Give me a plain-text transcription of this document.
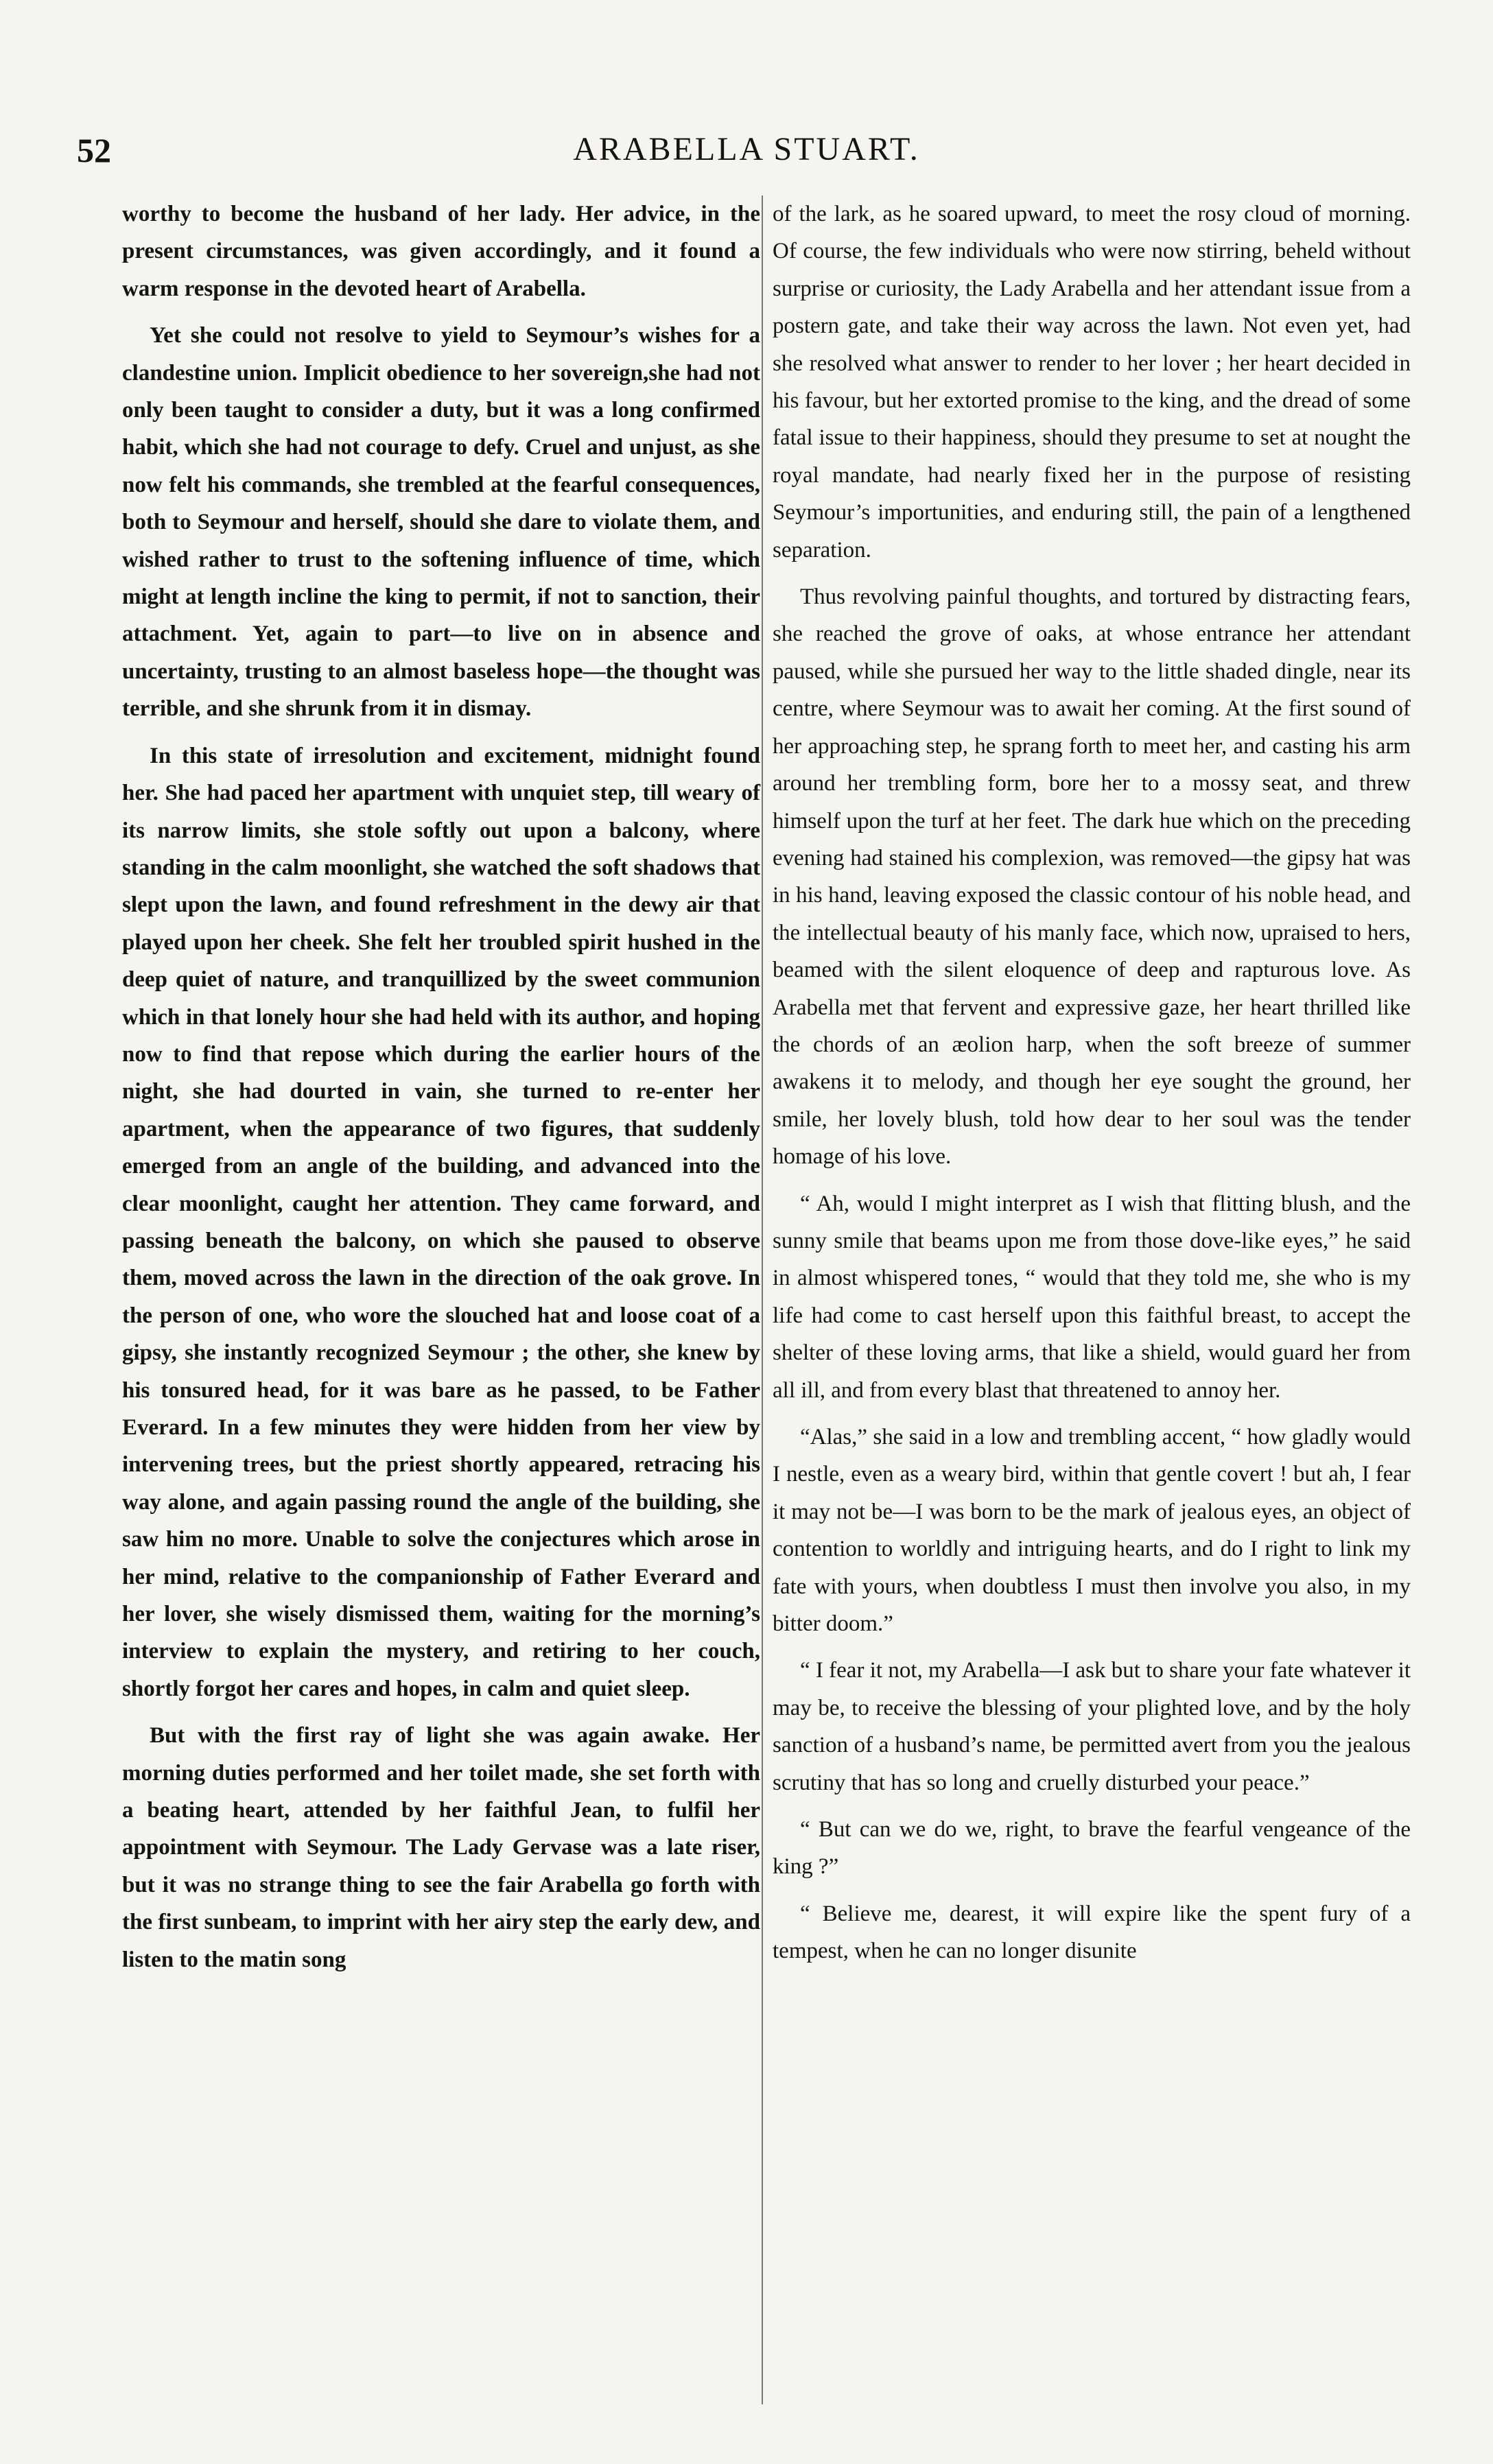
52	ARABELLA STUART.

worthy to become the husband of her lady. Her advice, in the present circumstances, was given accordingly, and it found a warm response in the devoted heart of Arabella.

Yet she could not resolve to yield to Seymour’s wishes for a clandestine union. Implicit obedience to her sovereign,she had not only been taught to consider a duty, but it was a long confirmed habit, which she had not courage to defy. Cruel and unjust, as she now felt his commands, she trembled at the fearful consequences, both to Seymour and herself, should she dare to violate them, and wished rather to trust to the softening influence of time, which might at length incline the king to permit, if not to sanction, their attachment. Yet, again to part—to live on in absence and uncertainty, trusting to an almost baseless hope—the thought was terrible, and she shrunk from it in dismay.

In this state of irresolution and excitement, midnight found her. She had paced her apartment with unquiet step, till weary of its narrow limits, she stole softly out upon a balcony, where standing in the calm moonlight, she watched the soft shadows that slept upon the lawn, and found refreshment in the dewy air that played upon her cheek. She felt her troubled spirit hushed in the deep quiet of nature, and tranquillized by the sweet communion which in that lonely hour she had held with its author, and hoping now to find that repose which during the earlier hours of the night, she had dourted in vain, she turned to re-enter her apartment, when the appearance of two figures, that suddenly emerged from an angle of the building, and advanced into the clear moonlight, caught her attention. They came forward, and passing beneath the balcony, on which she paused to observe them, moved across the lawn in the direction of the oak grove. In the person of one, who wore the slouched hat and loose coat of a gipsy, she instantly recognized Seymour ; the other, she knew by his tonsured head, for it was bare as he passed, to be Father Everard. In a few minutes they were hidden from her view by intervening trees, but the priest shortly appeared, retracing his way alone, and again passing round the angle of the building, she saw him no more. Unable to solve the conjectures which arose in her mind, relative to the companionship of Father Everard and her lover, she wisely dismissed them, waiting for the morning’s interview to explain the mystery, and retiring to her couch, shortly forgot her cares and hopes, in calm and quiet sleep.

But with the first ray of light she was again awake. Her morning duties performed and her toilet made, she set forth with a beating heart, attended by her faithful Jean, to fulfil her appointment with Seymour. The Lady Gervase was a late riser, but it was no strange thing to see the fair Arabella go forth with the first sunbeam, to imprint with her airy step the early dew, and listen to the matin song

of the lark, as he soared upward, to meet the rosy cloud of morning. Of course, the few individuals who were now stirring, beheld without surprise or curiosity, the Lady Arabella and her attendant issue from a postern gate, and take their way across the lawn. Not even yet, had she resolved what answer to render to her lover ; her heart decided in his favour, but her extorted promise to the king, and the dread of some fatal issue to their happiness, should they presume to set at nought the royal mandate, had nearly fixed her in the purpose of resisting Seymour’s importunities, and enduring still, the pain of a lengthened separation.

Thus revolving painful thoughts, and tortured by distracting fears, she reached the grove of oaks, at whose entrance her attendant paused, while she pursued her way to the little shaded dingle, near its centre, where Seymour was to await her coming. At the first sound of her approaching step, he sprang forth to meet her, and casting his arm around her trembling form, bore her to a mossy seat, and threw himself upon the turf at her feet. The dark hue which on the preceding evening had stained his complexion, was removed—the gipsy hat was in his hand, leaving exposed the classic contour of his noble head, and the intellectual beauty of his manly face, which now, upraised to hers, beamed with the silent eloquence of deep and rapturous love. As Arabella met that fervent and expressive gaze, her heart thrilled like the chords of an æolion harp, when the soft breeze of summer awakens it to melody, and though her eye sought the ground, her smile, her lovely blush, told how dear to her soul was the tender homage of his love.

“ Ah, would I might interpret as I wish that flitting blush, and the sunny smile that beams upon me from those dove-like eyes,” he said in almost whispered tones, “ would that they told me, she who is my life had come to cast herself upon this faithful breast, to accept the shelter of these loving arms, that like a shield, would guard her from all ill, and from every blast that threatened to annoy her.

“Alas,” she said in a low and trembling accent, “ how gladly would I nestle, even as a weary bird, within that gentle covert ! but ah, I fear it may not be—I was born to be the mark of jealous eyes, an object of contention to worldly and intriguing hearts, and do I right to link my fate with yours, when doubtless I must then involve you also, in my bitter doom.”

“ I fear it not, my Arabella—I ask but to share your fate whatever it may be, to receive the blessing of your plighted love, and by the holy sanction of a husband’s name, be permitted avert from you the jealous scrutiny that has so long and cruelly disturbed your peace.”

“ But can we do we, right, to brave the fearful vengeance of the king ?”

“ Believe me, dearest, it will expire like the spent fury of a tempest, when he can no longer disunite
